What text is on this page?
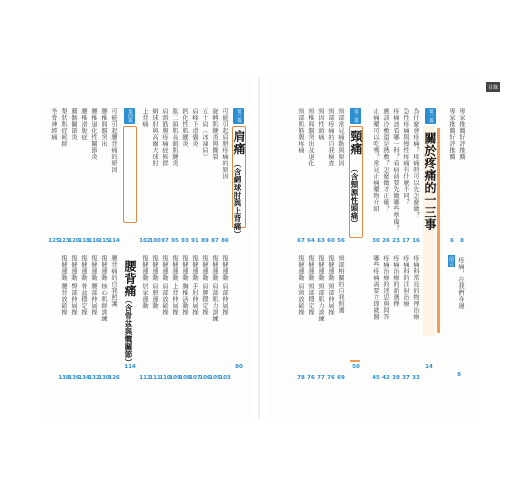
目錄
專家推薦好評推薦
6
專家推薦好評推薦
8
前言 疼痛，在我們身邊
9
第一篇
關於疼痛的一三事
14
為什麼會疼痛？疼痛時可以先怎麼做？
16
急性疼痛與慢性疼痛有什麼不同？
17
疼痛該看哪一科？看病前要先做哪些準備？
23
應該冷敷還是熱敷？怎麼做才正確？
26
止痛藥可以吃嗎？常見止痛藥物介紹
30
疼痛科常見的物理治療
33
疼痛科的注射治療
37
疼痛治療的新選擇
39
疼痛治療的迷思與問答
42
哪些疼痛需要立即就醫
45
第二篇
頸痛
（含頸源性頭痛）
50
頸部常見痛點與原因
56
頸部疼痛的自我檢查
60
頸因性頭痛
63
頸椎間盤突出及退化
64
頸部肌筋膜疼痛
67
頸部相關的自我照護
69
復健運動 頸部伸展操
76
復健運動 頸部肌力訓練
77
復健運動 頸部穩定操
76
復健運動 肩頸放鬆操
78
第三篇
肩痛
（含網球肘與上背痛）
80
可能引起肩膀疼痛的原因
86
旋轉肌腱炎與撕裂
87
五十肩（冰凍肩）
89
肩峰下滑囊炎
91
鈣化性肌腱炎
93
肱二頭肌長頭肌腱炎
95
肩頸筋膜疼痛症候群
97
網球肘與高爾夫球肘
100
上背痛
102
復健運動 肩部伸展操
103
復健運動 肩部肌力訓練
105
復健運動 肩胛穩定操
106
復健運動 手肘伸展操
107
復健運動 胸椎活動操
108
復健運動 上背伸展操
109
復健運動 肩部放鬆操
110
復健運動 肩膀運動
111
復健運動 居家運動
112
第四篇
腰背痛
（含骨盆與髖關節）
114
可能引起腰背痛的原因
114
腰椎間盤突出
115
腰椎退化性關節炎
116
腰椎滑脫症
118
薦髂關節炎
120
梨狀肌症候群
123
坐骨神經痛
125
腰背痛的自我照護
126
復健運動 核心肌群訓練
130
復健運動 腰部伸展操
132
復健運動 骨盆穩定操
134
復健運動 臀部伸展操
136
復健運動 腰背放鬆操
138
